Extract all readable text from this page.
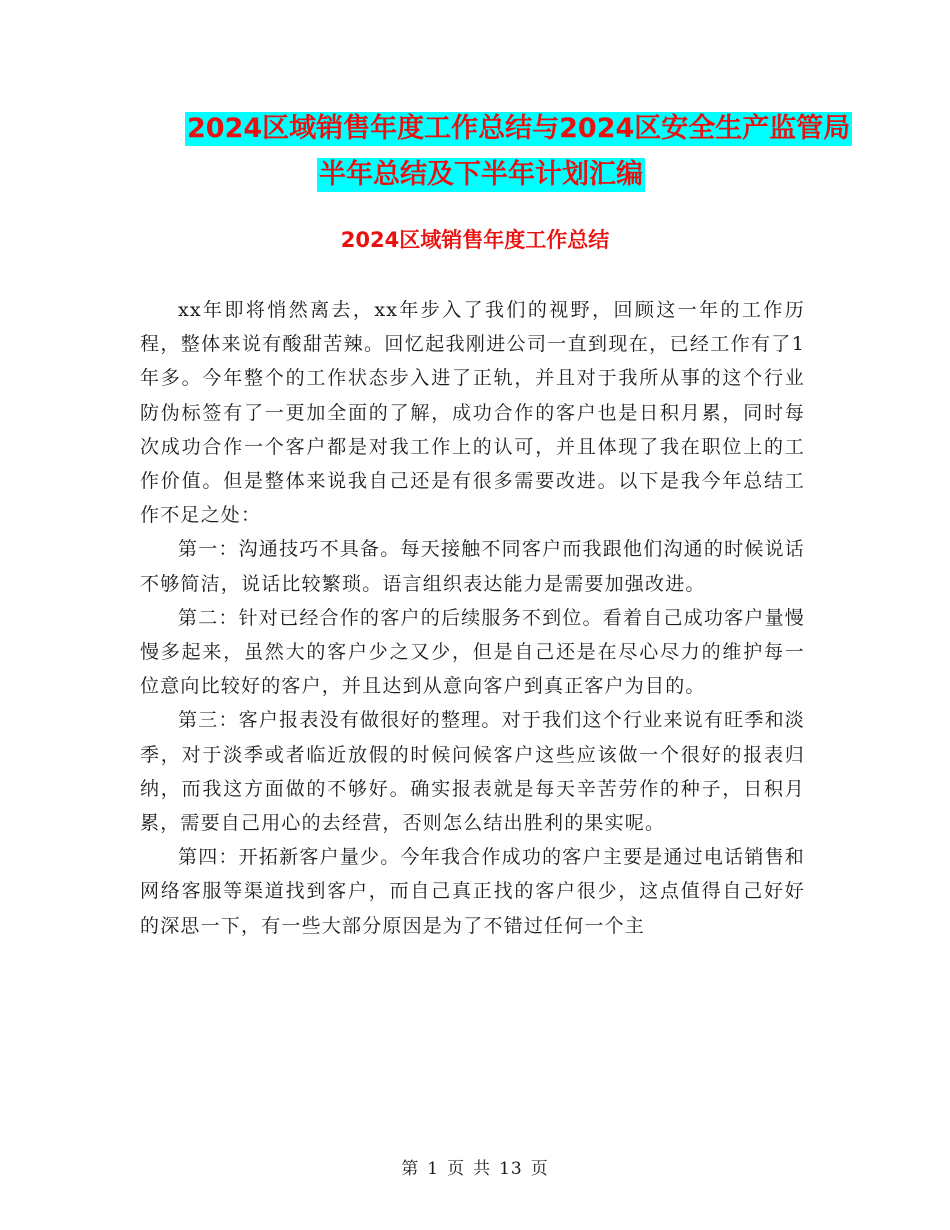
2024区域销售年度工作总结与2024区安全生产监管局
半年总结及下半年计划汇编
2024区域销售年度工作总结

xx年即将悄然离去，xx年步入了我们的视野，回顾这一年的工作历程，整体来说有酸甜苦辣。回忆起我刚进公司一直到现在，已经工作有了1年多。今年整个的工作状态步入进了正轨，并且对于我所从事的这个行业防伪标签有了一更加全面的了解，成功合作的客户也是日积月累，同时每次成功合作一个客户都是对我工作上的认可，并且体现了我在职位上的工作价值。但是整体来说我自己还是有很多需要改进。以下是我今年总结工作不足之处：

第一：沟通技巧不具备。每天接触不同客户而我跟他们沟通的时候说话不够简洁，说话比较繁琐。语言组织表达能力是需要加强改进。

第二：针对已经合作的客户的后续服务不到位。看着自己成功客户量慢慢多起来，虽然大的客户少之又少，但是自己还是在尽心尽力的维护每一位意向比较好的客户，并且达到从意向客户到真正客户为目的。

第三：客户报表没有做很好的整理。对于我们这个行业来说有旺季和淡季，对于淡季或者临近放假的时候问候客户这些应该做一个很好的报表归纳，而我这方面做的不够好。确实报表就是每天辛苦劳作的种子，日积月累，需要自己用心的去经营，否则怎么结出胜利的果实呢。

第四：开拓新客户量少。今年我合作成功的客户主要是通过电话销售和网络客服等渠道找到客户，而自己真正找的客户很少，这点值得自己好好的深思一下，有一些大部分原因是为了不错过任何一个主

第 1 页 共 13 页
